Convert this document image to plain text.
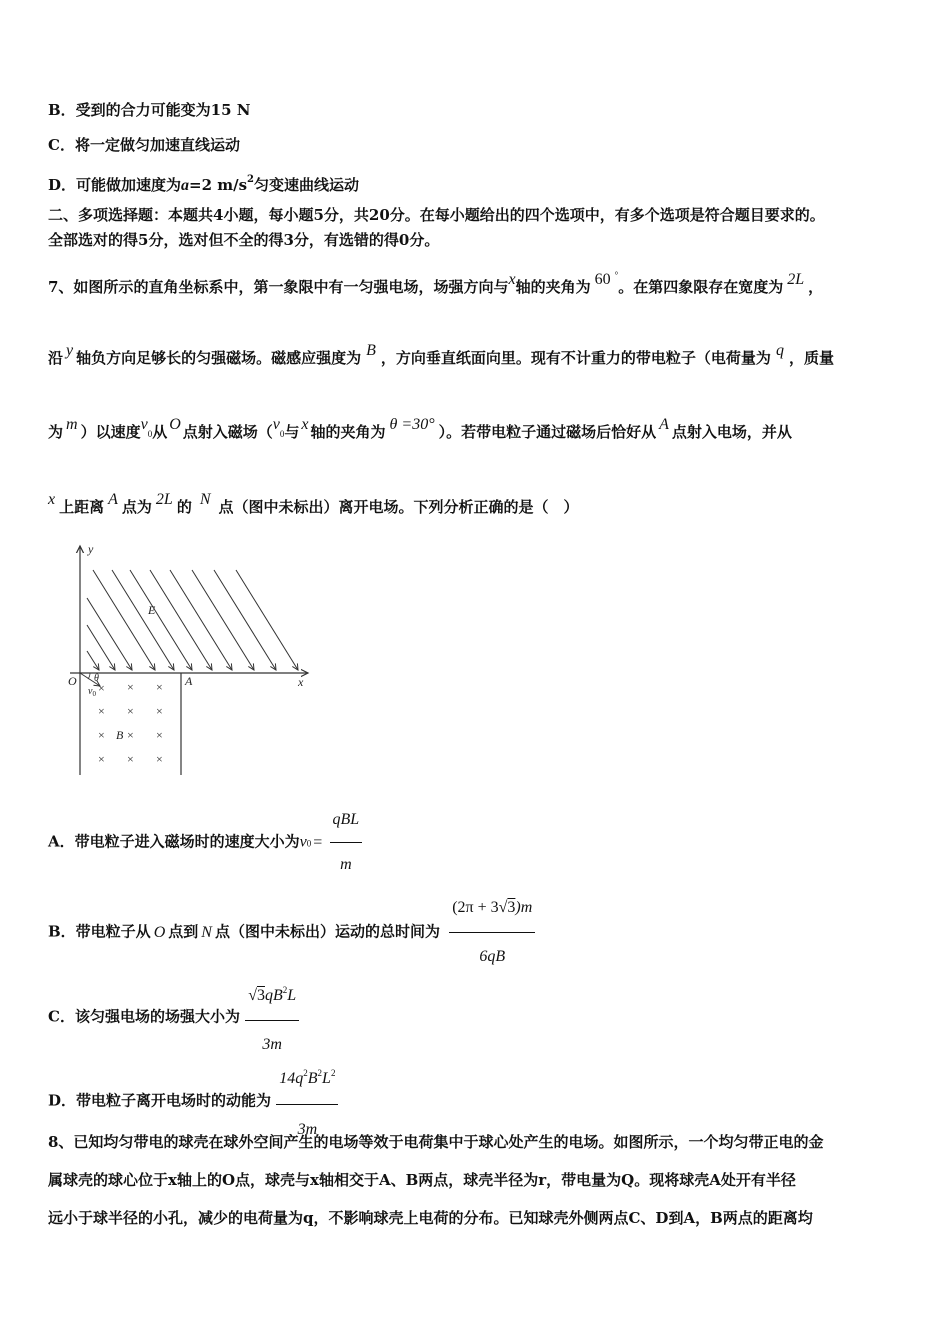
B．受到的合力可能变为15 N
C．将一定做匀加速直线运动
D．可能做加速度为a=2 $m/s^2$匀变速曲线运动
二、多项选择题：本题共4小题，每小题5分，共20分。在每小题给出的四个选项中，有多个选项是符合题目要求的。
全部选对的得5分，选对但不全的得3分，有选错的得0分。
7、如图所示的直角坐标系中，第一象限中有一匀强电场，场强方向与x轴的夹角为 60 °。在第四象限存在宽度为 2L ，
沿 y 轴负方向足够长的匀强磁场。磁感应强度为 B ，方向垂直纸面向里。现有不计重力的带电粒子（电荷量为 q ，质量
为 m ）以速度v0从 O 点射入磁场（v0与 x 轴的夹角为 θ =30° ）。若带电粒子通过磁场后恰好从 A 点射入电场，并从
x 上距离 A 点为 2L 的 N 点（图中未标出）离开电场。下列分析正确的是（　）
y
x
O	A
E
θ
$v_0$ × × ×
× × ×
× × ×
× × ×
B
A．带电粒子进入磁场时的速度大小为$v0 = \frac{\text{qBL}}{m}$
B．带电粒子从 O 点到 N 点（图中未标出）运动的总时间为 $\frac{(2\pi + 3√3)m}{6qB}$
C．该匀强电场的场强大小为 $\frac{√3qB^2L}{3m}$
D．带电粒子离开电场时的动能为 $\frac{14q^2B^2L^2}{3m}$
8、已知均匀带电的球壳在球外空间产生的电场等效于电荷集中于球心处产生的电场。如图所示，一个均匀带正电的金
属球壳的球心位于x轴上的O点，球壳与x轴相交于A、B两点，球壳半径为r，带电量为Q。现将球壳A处开有半径
远小于球半径的小孔，减少的电荷量为q，不影响球壳上电荷的分布。已知球壳外侧两点C、D到A，B两点的距离均
